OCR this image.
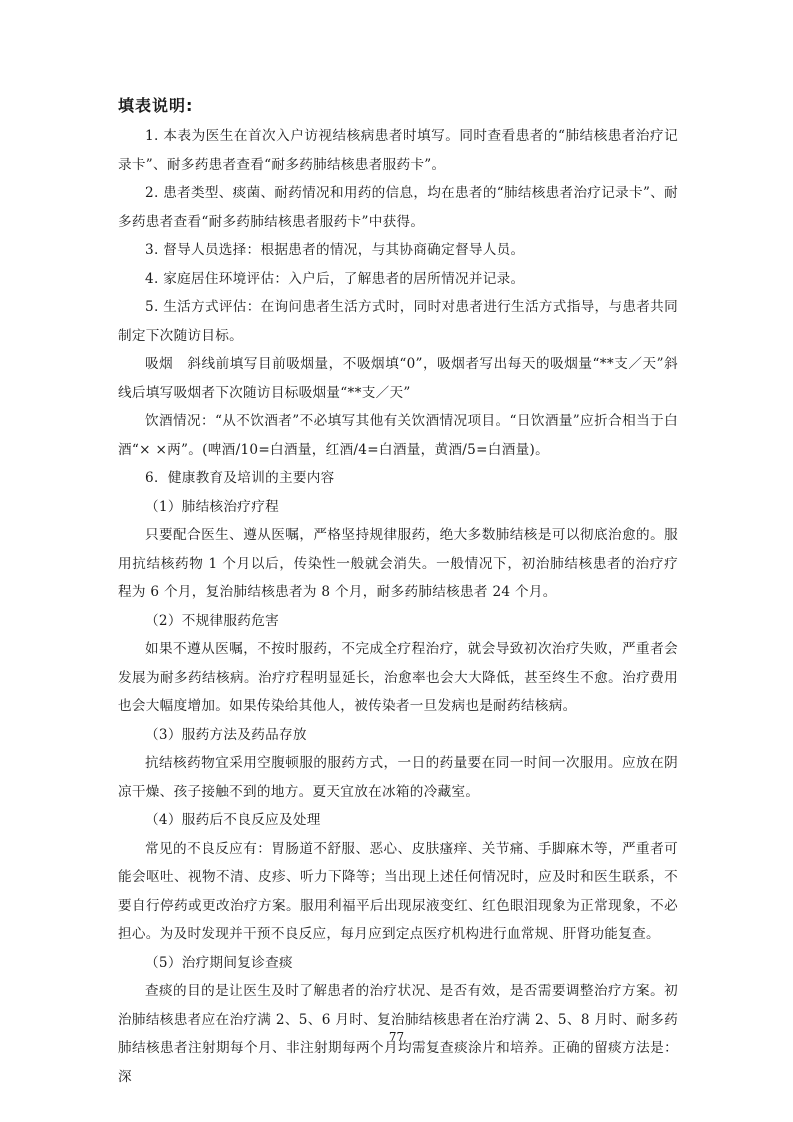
填表说明:

1. 本表为医生在首次入户访视结核病患者时填写。同时查看患者的“肺结核患者治疗记录卡”、耐多药患者查看“耐多药肺结核患者服药卡”。

2. 患者类型、痰菌、耐药情况和用药的信息，均在患者的“肺结核患者治疗记录卡”、耐多药患者查看“耐多药肺结核患者服药卡”中获得。

3. 督导人员选择：根据患者的情况，与其协商确定督导人员。

4. 家庭居住环境评估：入户后，了解患者的居所情况并记录。

5. 生活方式评估：在询问患者生活方式时，同时对患者进行生活方式指导，与患者共同制定下次随访目标。

吸烟　斜线前填写目前吸烟量，不吸烟填“0”，吸烟者写出每天的吸烟量“**支／天”斜线后填写吸烟者下次随访目标吸烟量“**支／天”

饮酒情况：“从不饮酒者”不必填写其他有关饮酒情况项目。“日饮酒量”应折合相当于白酒“× ×两”。(啤酒/10=白酒量，红酒/4=白酒量，黄酒/5=白酒量)。

6．健康教育及培训的主要内容

（1）肺结核治疗疗程

只要配合医生、遵从医嘱，严格坚持规律服药，绝大多数肺结核是可以彻底治愈的。服用抗结核药物 1 个月以后，传染性一般就会消失。一般情况下，初治肺结核患者的治疗疗程为 6 个月，复治肺结核患者为 8 个月，耐多药肺结核患者 24 个月。

（2）不规律服药危害

如果不遵从医嘱，不按时服药，不完成全疗程治疗，就会导致初次治疗失败，严重者会发展为耐多药结核病。治疗疗程明显延长，治愈率也会大大降低，甚至终生不愈。治疗费用也会大幅度增加。如果传染给其他人，被传染者一旦发病也是耐药结核病。

（3）服药方法及药品存放

抗结核药物宜采用空腹顿服的服药方式，一日的药量要在同一时间一次服用。应放在阴凉干燥、孩子接触不到的地方。夏天宜放在冰箱的冷藏室。

（4）服药后不良反应及处理

常见的不良反应有：胃肠道不舒服、恶心、皮肤瘙痒、关节痛、手脚麻木等，严重者可能会呕吐、视物不清、皮疹、听力下降等；当出现上述任何情况时，应及时和医生联系，不要自行停药或更改治疗方案。服用利福平后出现尿液变红、红色眼泪现象为正常现象，不必担心。为及时发现并干预不良反应，每月应到定点医疗机构进行血常规、肝肾功能复查。

（5）治疗期间复诊查痰

查痰的目的是让医生及时了解患者的治疗状况、是否有效，是否需要调整治疗方案。初治肺结核患者应在治疗满 2、5、6 月时、复治肺结核患者在治疗满 2、5、8 月时、耐多药肺结核患者注射期每个月、非注射期每两个月均需复查痰涂片和培养。正确的留痰方法是：深

77
